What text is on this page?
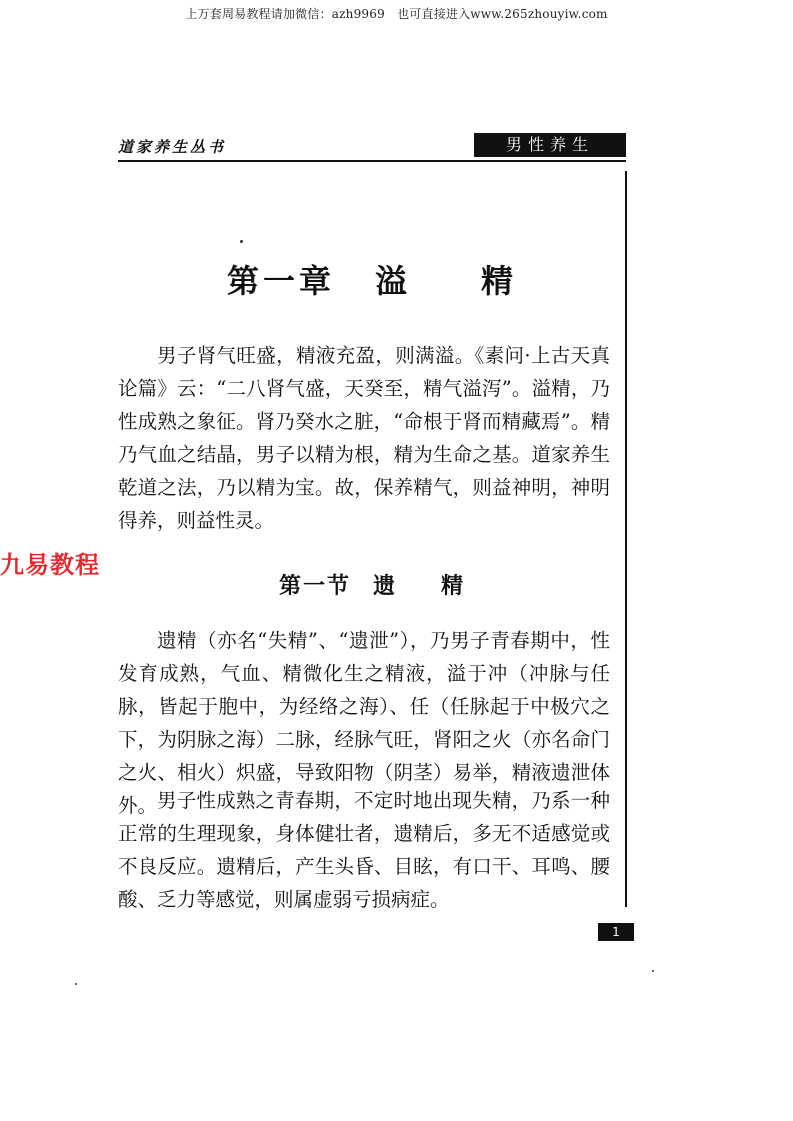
上万套周易教程请加微信：azh9969　也可直接进入www.265zhouyiw.com
道家养生丛书	男性养生
第一章 溢 精

男子肾气旺盛，精液充盈，则满溢。《素问·上古天真论篇》云：“二八肾气盛，天癸至，精气溢泻”。溢精，乃性成熟之象征。肾乃癸水之脏，“命根于肾而精藏焉”。精乃气血之结晶，男子以精为根，精为生命之基。道家养生乾道之法，乃以精为宝。故，保养精气，则益神明，神明得养，则益性灵。

九易教程
第一节 遗 精

遗精（亦名“失精”、“遗泄”），乃男子青春期中，性发育成熟，气血、精微化生之精液，溢于冲（冲脉与任脉，皆起于胞中，为经络之海）、任（任脉起于中极穴之下，为阴脉之海）二脉，经脉气旺，肾阳之火（亦名命门之火、相火）炽盛，导致阳物（阴茎）易举，精液遗泄体外。 男子性成熟之青春期，不定时地出现失精，乃系一种正常的生理现象，身体健壮者，遗精后，多无不适感觉或不良反应。遗精后，产生头昏、目眩，有口干、耳鸣、腰酸、乏力等感觉，则属虚弱亏损病症。

1
